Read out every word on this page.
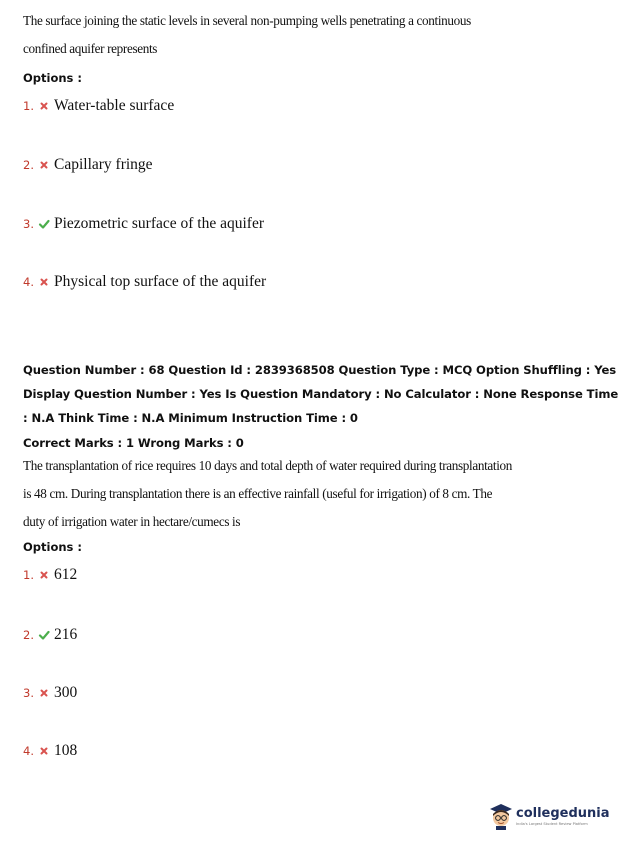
The surface joining the static levels in several non-pumping wells penetrating a continuous
confined aquifer represents
Options :
1. Water-table surface
2. Capillary fringe
3. Piezometric surface of the aquifer
4. Physical top surface of the aquifer
Question Number : 68 Question Id : 2839368508 Question Type : MCQ Option Shuffling : Yes
Display Question Number : Yes Is Question Mandatory : No Calculator : None Response Time
: N.A Think Time : N.A Minimum Instruction Time : 0
Correct Marks : 1 Wrong Marks : 0
The transplantation of rice requires 10 days and total depth of water required during transplantation
is 48 cm. During transplantation there is an effective rainfall (useful for irrigation) of 8 cm. The
duty of irrigation water in hectare/cumecs is
Options :
1. 612
2. 216
3. 300
4. 108
collegedunia
India's Largest Student Review Platform
